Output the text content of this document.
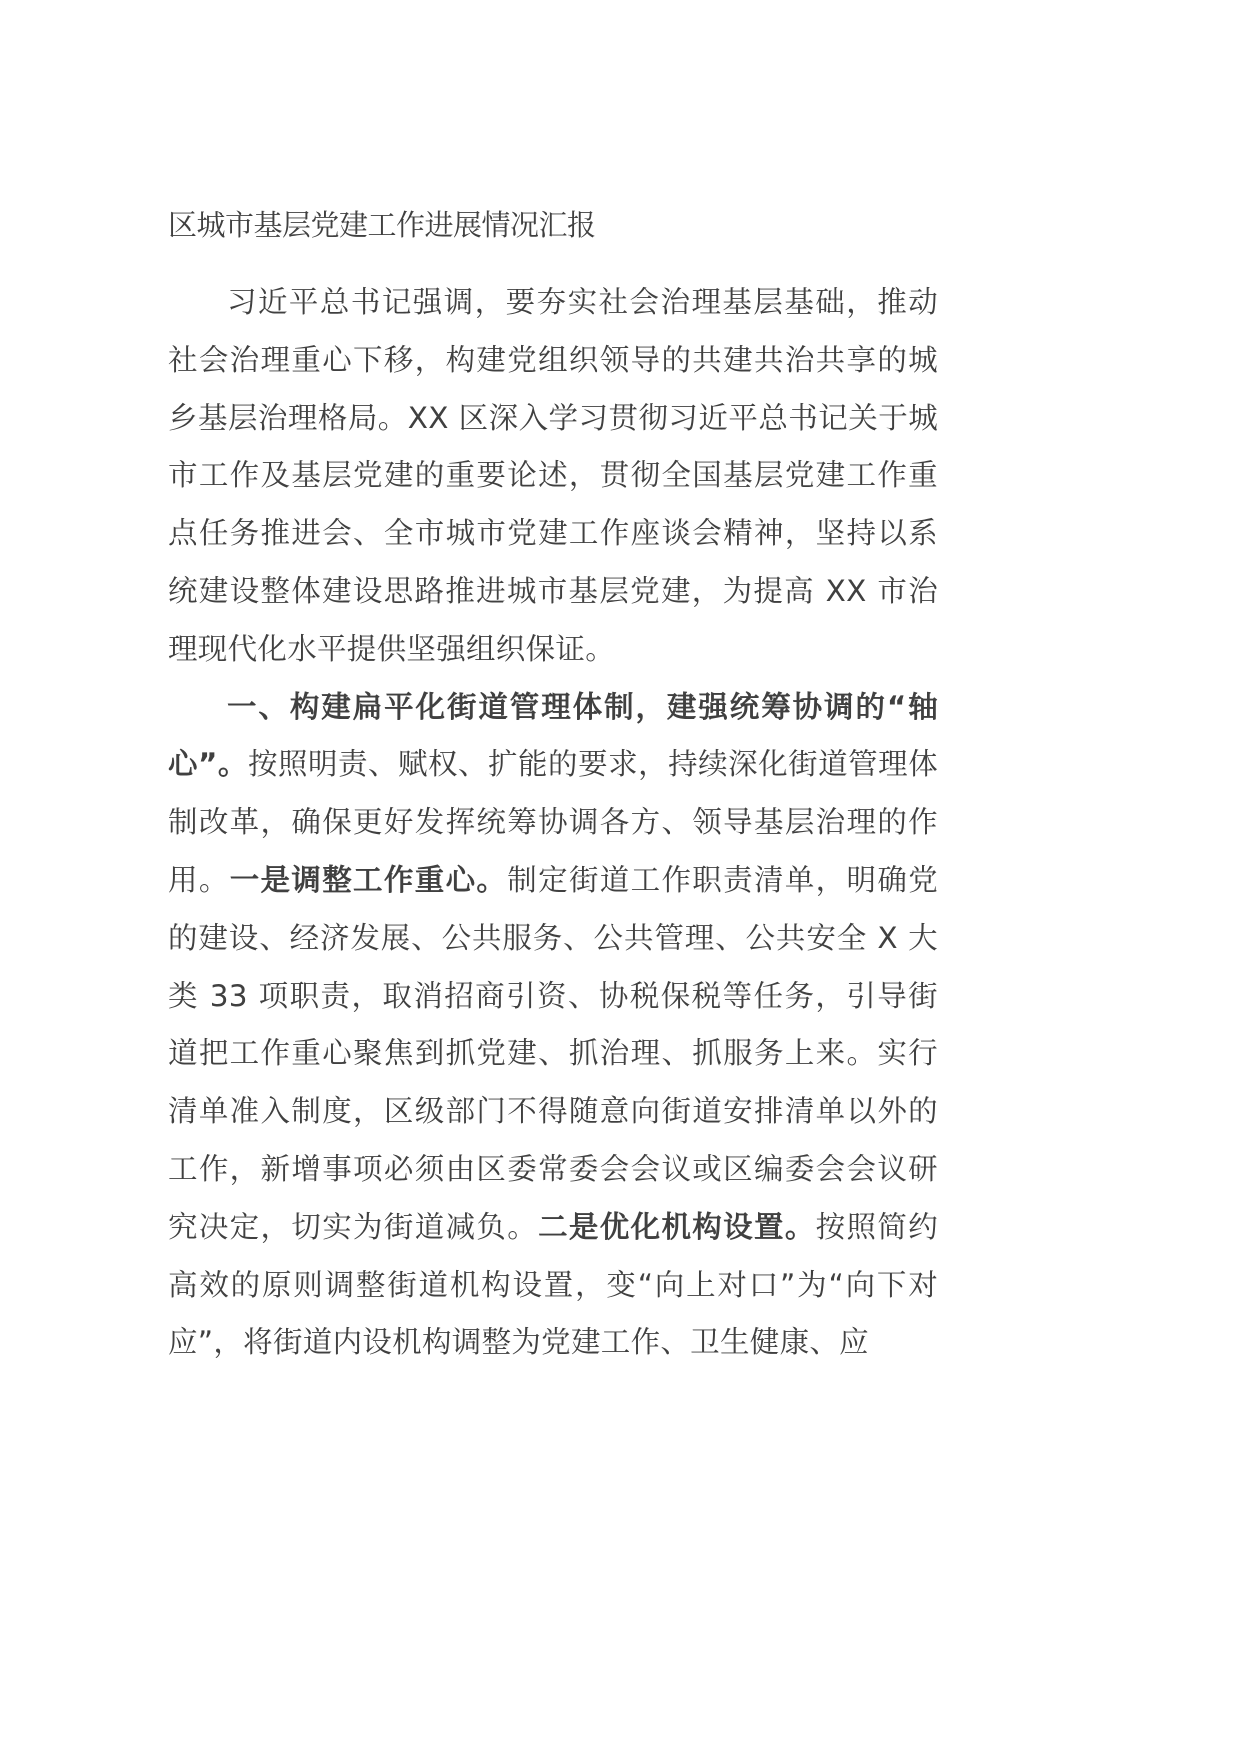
区城市基层党建工作进展情况汇报

习近平总书记强调，要夯实社会治理基层基础，推动社会治理重心下移，构建党组织领导的共建共治共享的城乡基层治理格局。XX 区深入学习贯彻习近平总书记关于城市工作及基层党建的重要论述，贯彻全国基层党建工作重点任务推进会、全市城市党建工作座谈会精神，坚持以系统建设整体建设思路推进城市基层党建，为提高 XX 市治理现代化水平提供坚强组织保证。

一、构建扁平化街道管理体制，建强统筹协调的“轴心”。按照明责、赋权、扩能的要求，持续深化街道管理体制改革，确保更好发挥统筹协调各方、领导基层治理的作用。一是调整工作重心。制定街道工作职责清单，明确党的建设、经济发展、公共服务、公共管理、公共安全 X 大类 33 项职责，取消招商引资、协税保税等任务，引导街道把工作重心聚焦到抓党建、抓治理、抓服务上来。实行清单准入制度，区级部门不得随意向街道安排清单以外的工作，新增事项必须由区委常委会会议或区编委会会议研究决定，切实为街道减负。二是优化机构设置。按照简约高效的原则调整街道机构设置，变“向上对口”为“向下对应”，将街道内设机构调整为党建工作、卫生健康、应
